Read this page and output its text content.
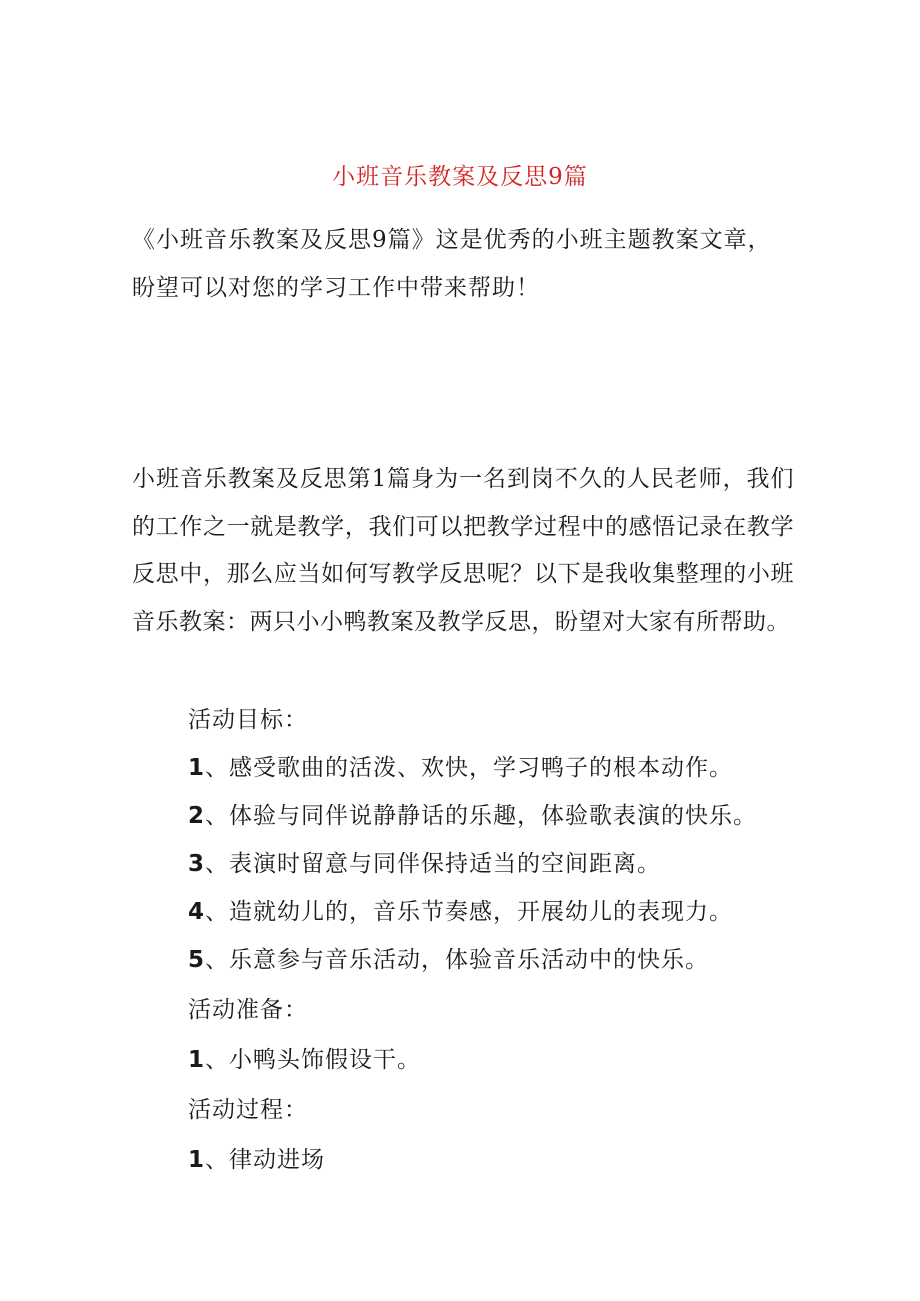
小班音乐教案及反思9篇
《小班音乐教案及反思9篇》这是优秀的小班主题教案文章，盼望可以对您的学习工作中带来帮助！
小班音乐教案及反思第1篇身为一名到岗不久的人民老师，我们的工作之一就是教学，我们可以把教学过程中的感悟记录在教学反思中，那么应当如何写教学反思呢？以下是我收集整理的小班音乐教案：两只小小鸭教案及教学反思，盼望对大家有所帮助。
活动目标：
1、感受歌曲的活泼、欢快，学习鸭子的根本动作。
2、体验与同伴说静静话的乐趣，体验歌表演的快乐。
3、表演时留意与同伴保持适当的空间距离。
4、造就幼儿的，音乐节奏感，开展幼儿的表现力。
5、乐意参与音乐活动，体验音乐活动中的快乐。
活动准备：
1、小鸭头饰假设干。
活动过程：
1、律动进场
